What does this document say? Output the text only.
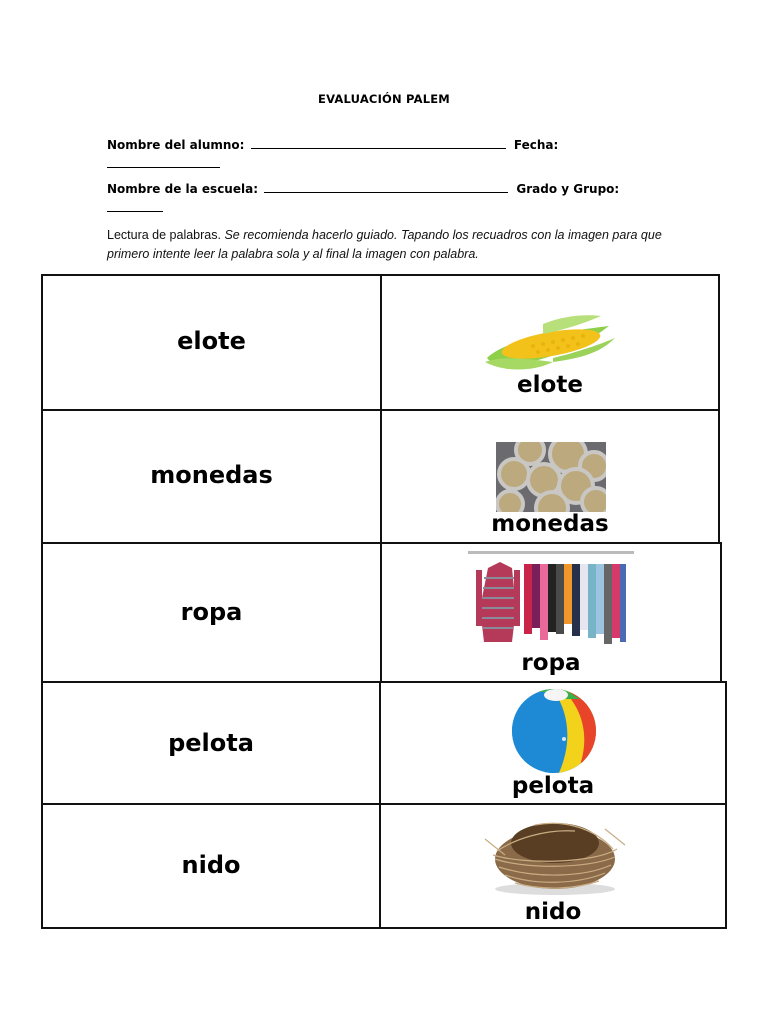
EVALUACIÓN PALEM
Nombre del alumno:	Fecha:
Nombre de la escuela:	Grado y Grupo:
Lectura de palabras. Se recomienda hacerlo guiado. Tapando los recuadros con la imagen para que primero intente leer la palabra sola y al final la imagen con palabra.
elote
elote
monedas
monedas
ropa
ropa
pelota
pelota
nido
nido
